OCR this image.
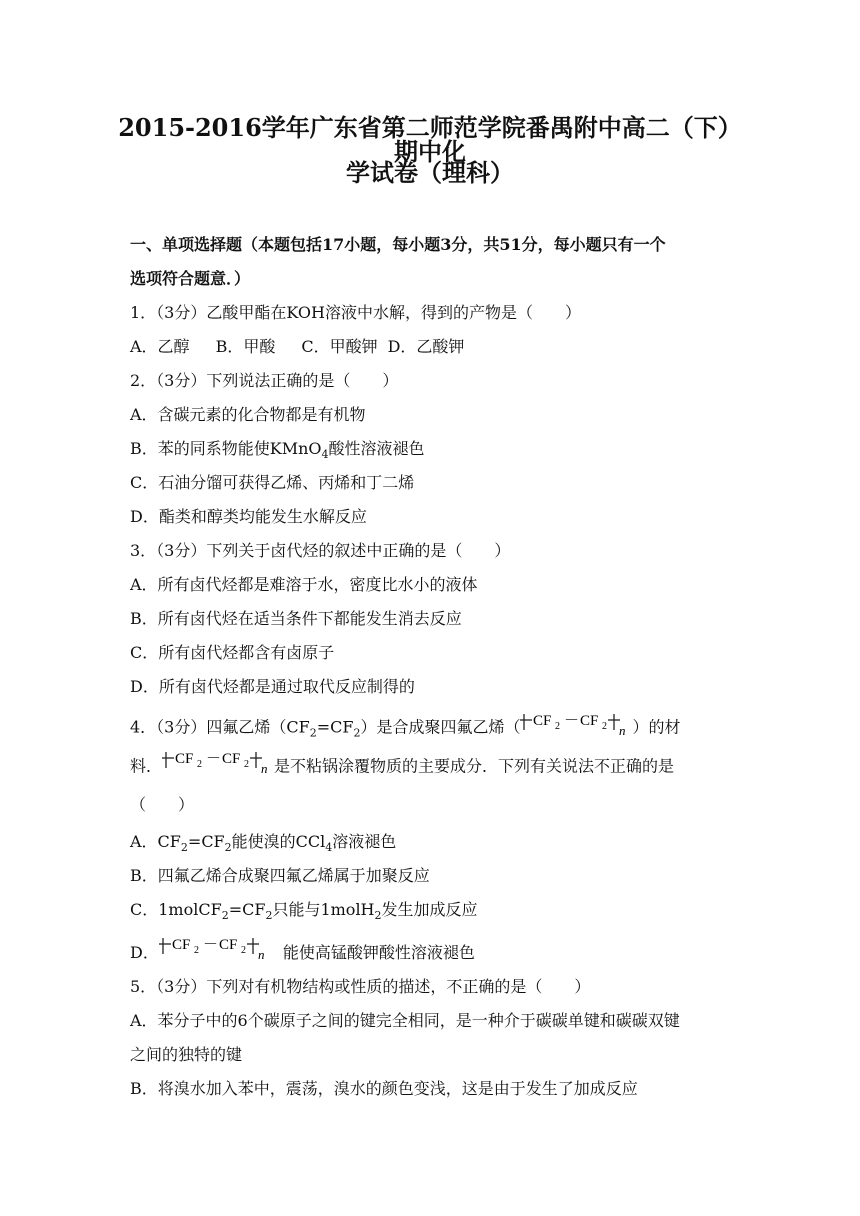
2015-2016学年广东省第二师范学院番禺附中高二（下）期中化
学试卷（理科）
一、单项选择题（本题包括17小题，每小题3分，共51分，每小题只有一个
选项符合题意．）
1．（3分）乙酸甲酯在KOH溶液中水解，得到的产物是（　　）
A．乙醇 B．甲酸 C．甲酸钾 D．乙酸钾
2．（3分）下列说法正确的是（　　）
A．含碳元素的化合物都是有机物
B．苯的同系物能使KMnO$_4$酸性溶液褪色
C．石油分馏可获得乙烯、丙烯和丁二烯
D．酯类和醇类均能发生水解反应
3．（3分）下列关于卤代烃的叙述中正确的是（　　）
A．所有卤代烃都是难溶于水，密度比水小的液体
B．所有卤代烃在适当条件下都能发生消去反应
C．所有卤代烃都含有卤原子
D．所有卤代烃都是通过取代反应制得的
4．（3分）四氟乙烯$(CF_2=CF_2)$是合成聚四氟乙烯（ CF 2 － CF 2 n ）的材
料． CF 2 － CF 2 n 是不粘锅涂覆物质的主要成分．下列有关说法不正确的是
（　　）
A．$CF_2=CF_2$能使溴的CCl$_4$溶液褪色
B．四氟乙烯合成聚四氟乙烯属于加聚反应
C．$1molCF_2=CF_2$只能与1molH$_2$发生加成反应
D． CF 2 － CF 2 n 能使高锰酸钾酸性溶液褪色
5．（3分）下列对有机物结构或性质的描述，不正确的是（　　）
A．苯分子中的6个碳原子之间的键完全相同，是一种介于碳碳单键和碳碳双键
之间的独特的键
B．将溴水加入苯中，震荡，溴水的颜色变浅，这是由于发生了加成反应
